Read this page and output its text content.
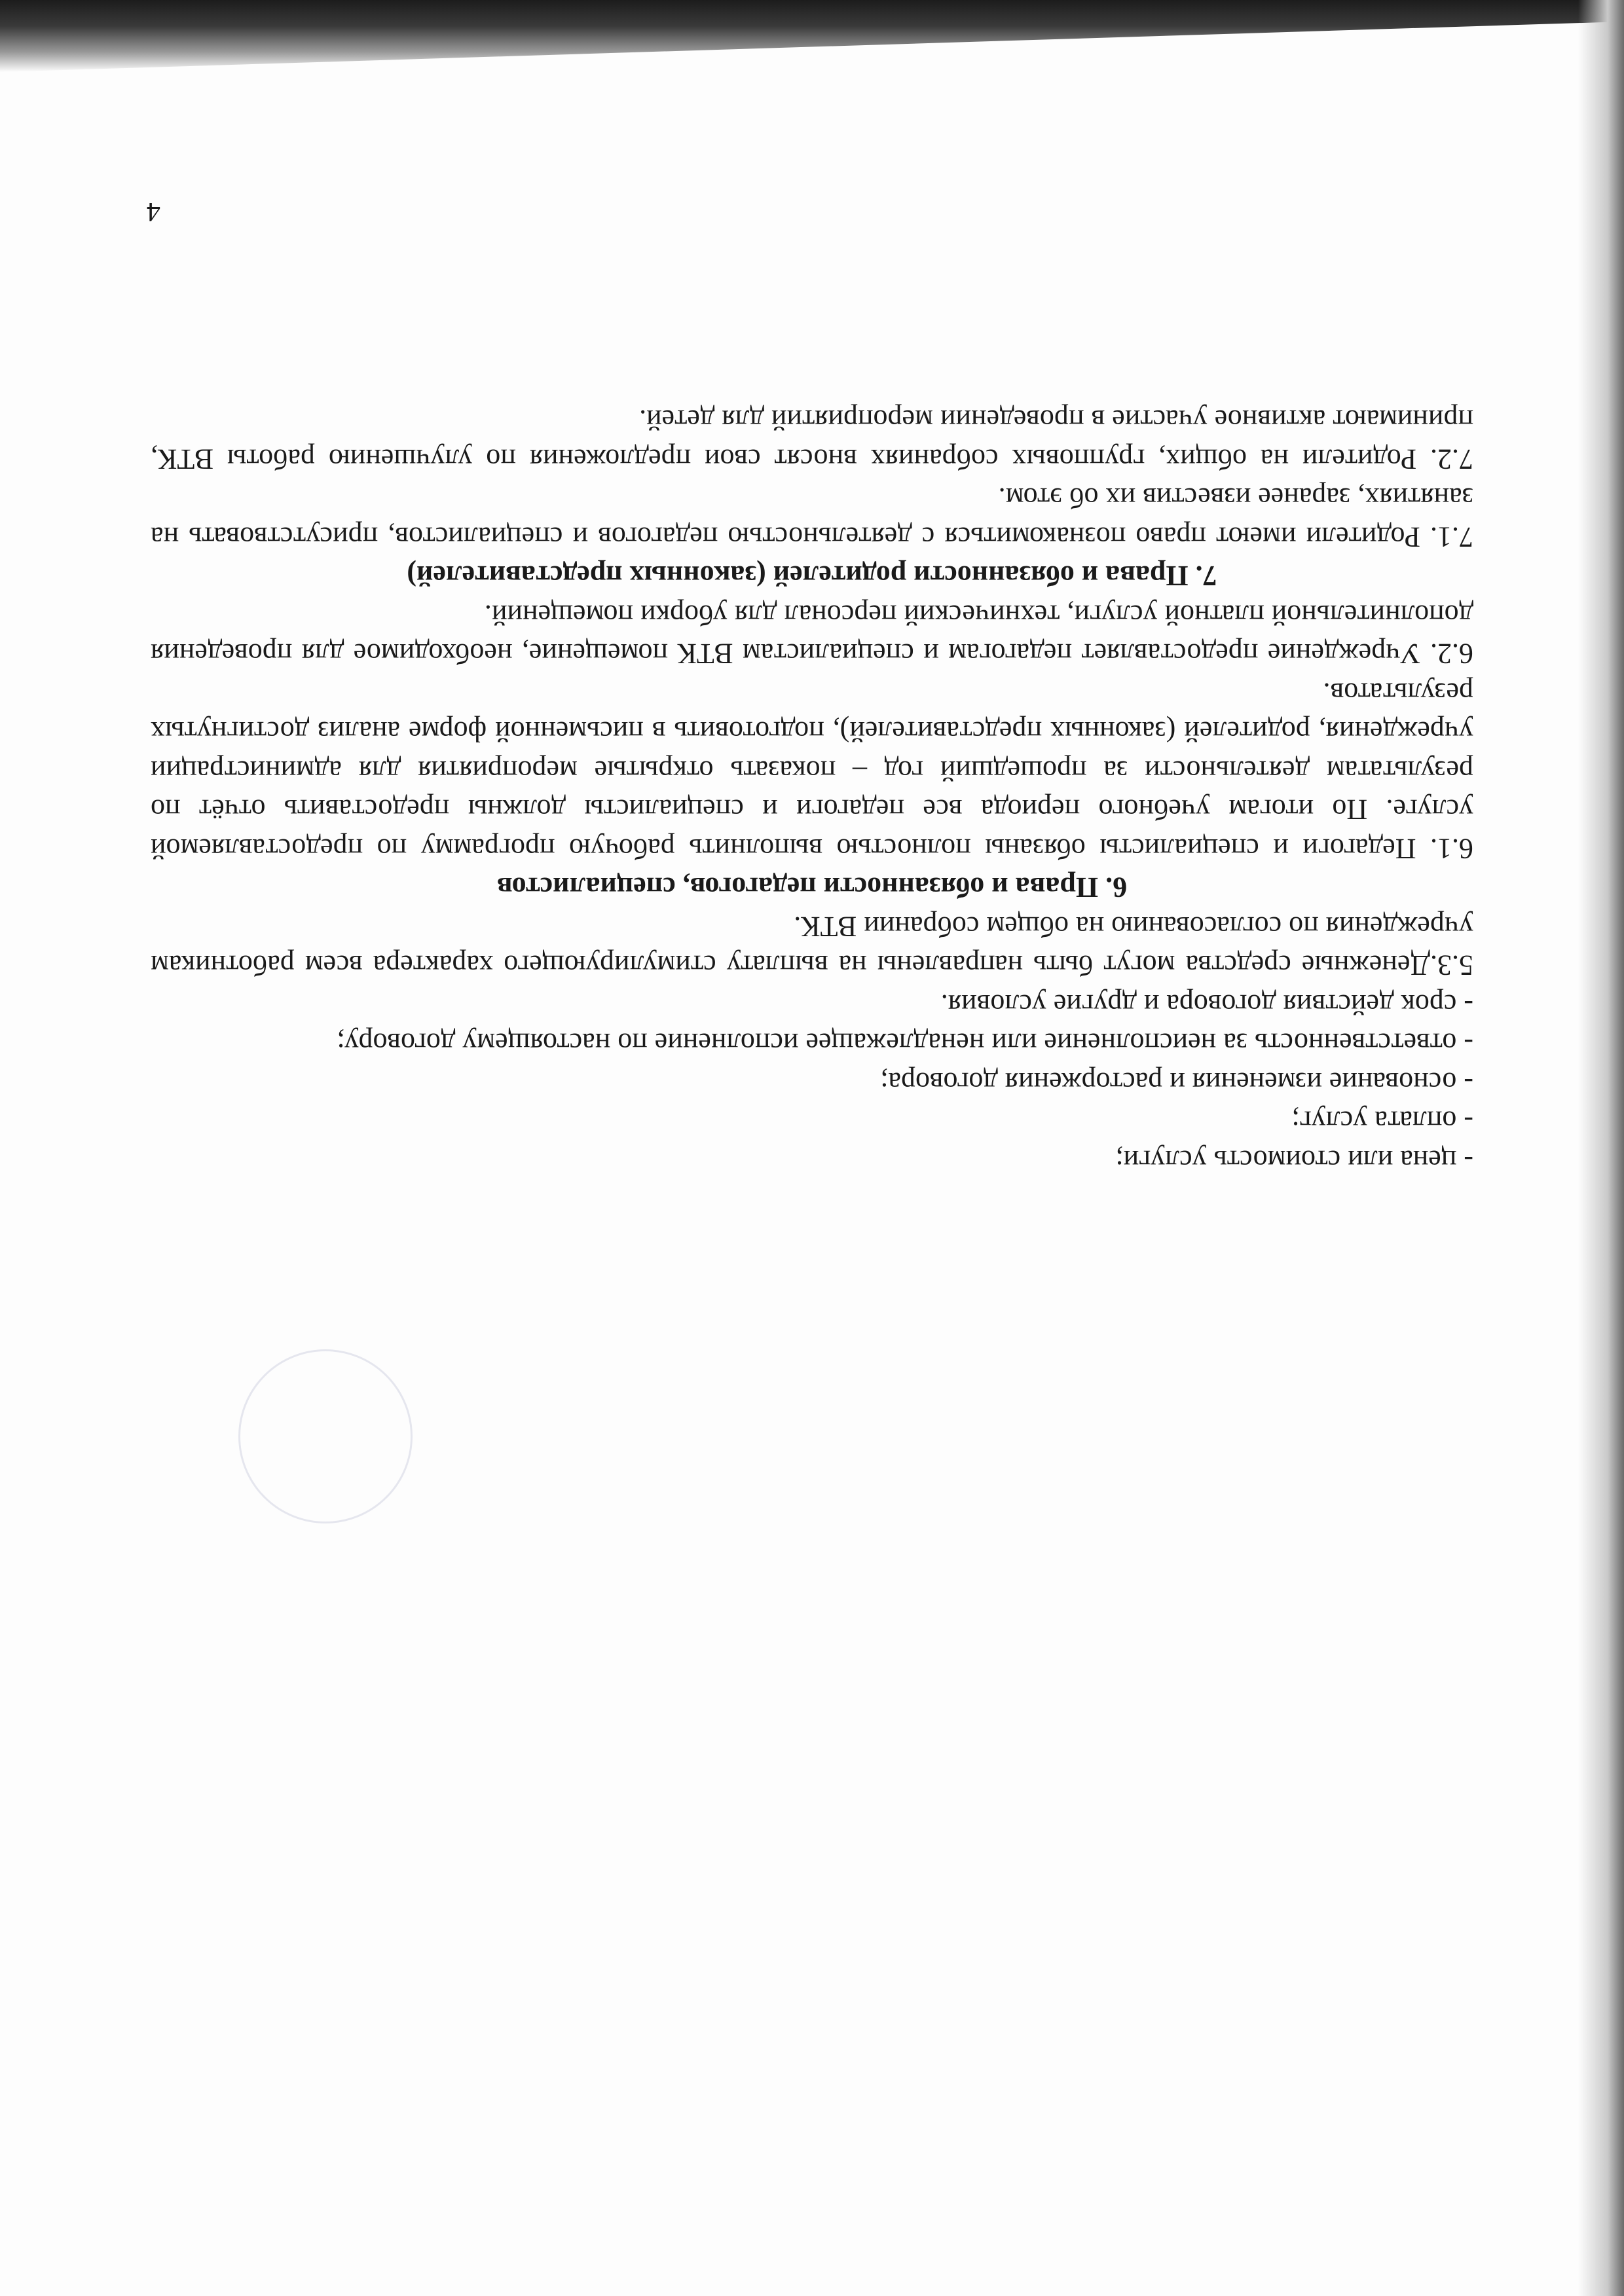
- цена или стоимость услуги;

- оплата услуг;

- основание изменения и расторжения договора;

- ответственность за неисполнение или ненадлежащее исполнение по настоящему договору;

- срок действия договора и другие условия.

5.3.Денежные средства могут быть направлены на выплату стимулирующего характера всем работникам учреждения по согласованию на общем собрании ВТК.

6. Права и обязанности педагогов, специалистов

6.1. Педагоги и специалисты обязаны полностью выполнить рабочую программу по предоставляемой услуге. По итогам учебного периода все педагоги и специалисты должны предоставить отчёт по результатам деятельности за прошедший год – показать открытые мероприятия для администрации учреждения, родителей (законных представителей), подготовить в письменной форме анализ достигнутых результатов.

6.2. Учреждение предоставляет педагогам и специалистам ВТК помещение, необходимое для проведения дополнительной платной услуги, технический персонал для уборки помещений.

7. Права и обязанности родителей (законных представителей)

7.1. Родители имеют право познакомиться с деятельностью педагогов и специалистов, присутствовать на занятиях, заранее известив их об этом.

7.2. Родители на общих, групповых собраниях вносят свои предложения по улучшению работы ВТК, принимают активное участие в проведении мероприятий для детей.

4
